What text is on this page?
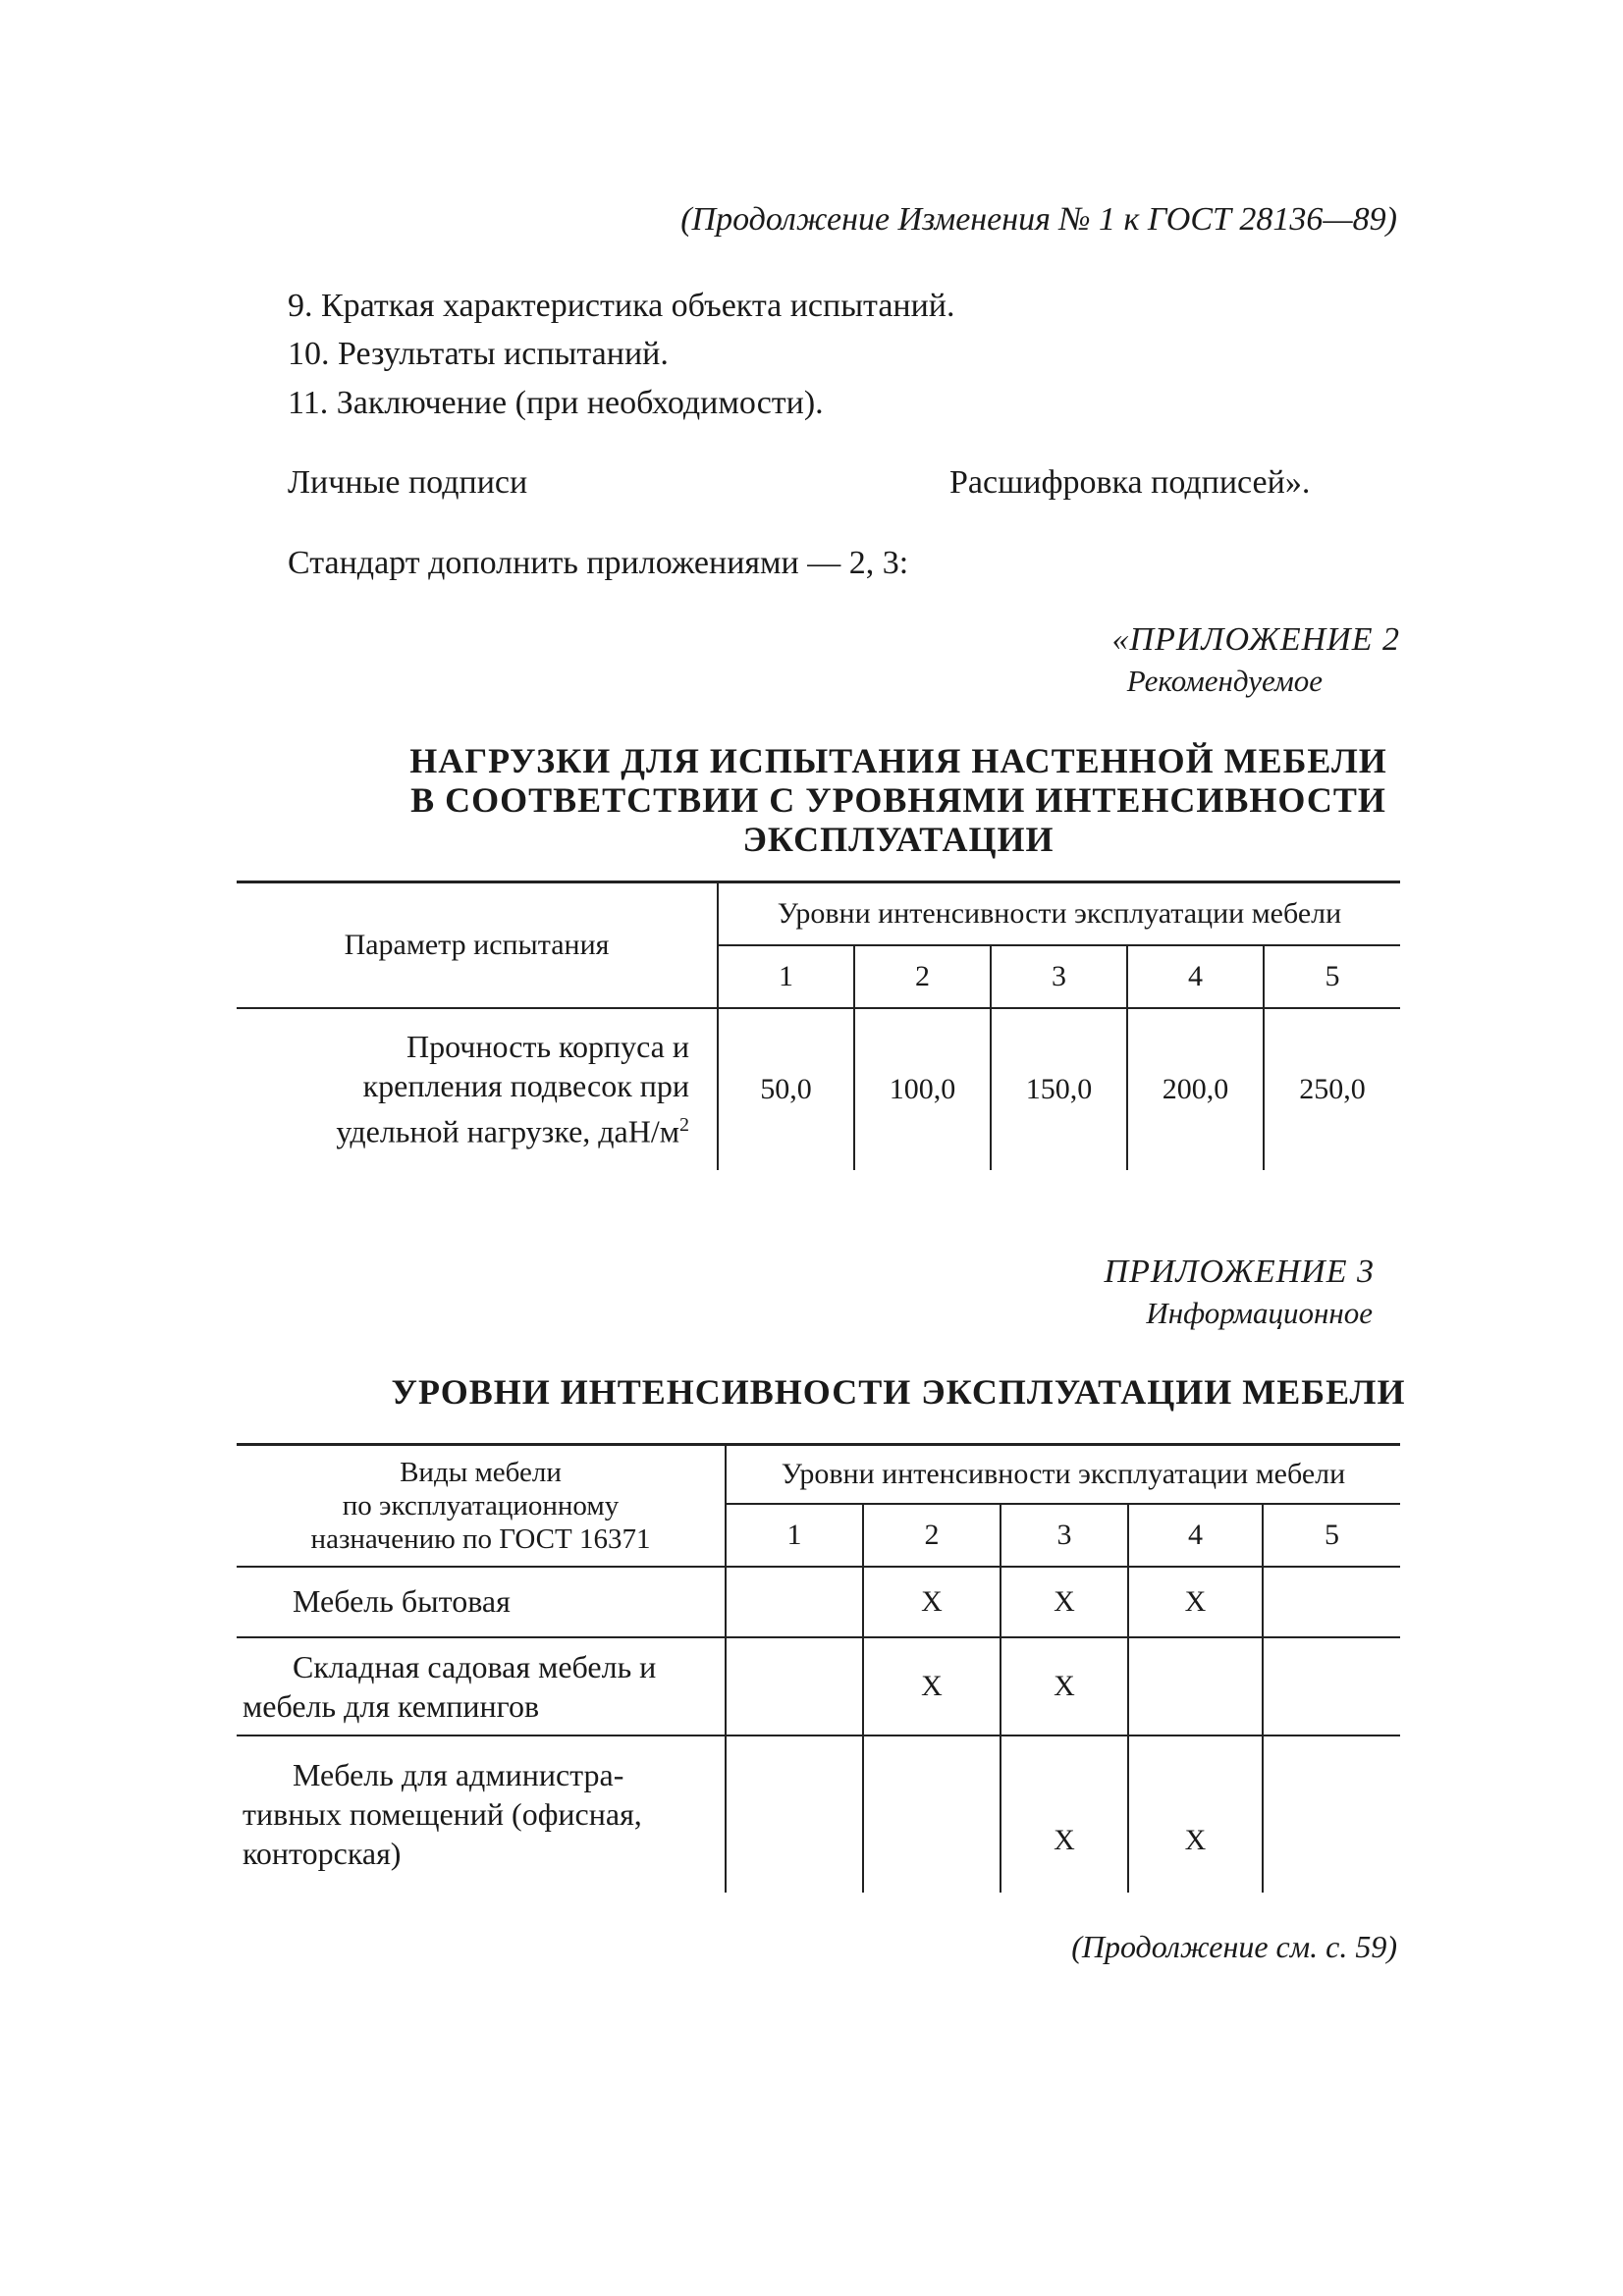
(Продолжение Изменения № 1 к ГОСТ 28136—89)
9. Краткая характеристика объекта испытаний.
10. Результаты испытаний.
11. Заключение (при необходимости).
Личные подписи	Расшифровка подписей».
Стандарт дополнить приложениями — 2, 3:
«ПРИЛОЖЕНИЕ 2
Рекомендуемое
НАГРУЗКИ ДЛЯ ИСПЫТАНИЯ НАСТЕННОЙ МЕБЕЛИ
В СООТВЕТСТВИИ С УРОВНЯМИ ИНТЕНСИВНОСТИ
ЭКСПЛУАТАЦИИ
Параметр испытания	Уровни интенсивности эксплуатации мебели				
	1	2	3	4	5

Прочность корпуса и
крепления подвесок при
удельной нагрузке, даН/$м^2$	50,0	100,0	150,0	200,0	250,0
ПРИЛОЖЕНИЕ 3
Информационное
УРОВНИ ИНТЕНСИВНОСТИ ЭКСПЛУАТАЦИИ МЕБЕЛИ
Виды мебели
по эксплуатационному
назначению по ГОСТ 16371	Уровни интенсивности эксплуатации мебели				
	1	2	3	4	5
Мебель бытовая		X	X	X	

Складная садовая мебель и
мебель для кемпингов		X	X		

Мебель для администра-
тивных помещений (офисная,
конторская)			X	X	
(Продолжение см. с. 59)
